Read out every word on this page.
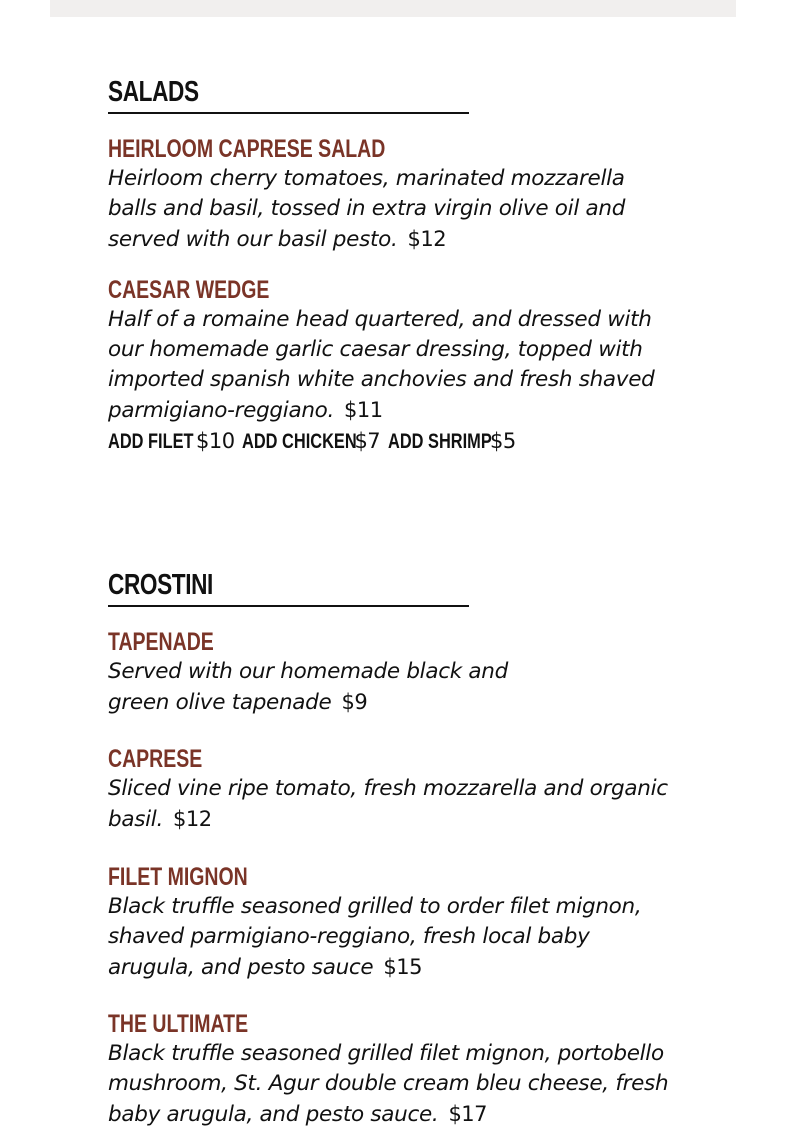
SALADS
HEIRLOOM CAPRESE SALAD
Heirloom cherry tomatoes, marinated mozzarella
balls and basil, tossed in extra virgin olive oil and
served with our basil pesto. $12
CAESAR WEDGE
Half of a romaine head quartered, and dressed with
our homemade garlic caesar dressing, topped with
imported spanish white anchovies and fresh shaved
parmigiano-reggiano. $11
ADD FILET $10 ADD CHICKEN$7 ADD SHRIMP$5
CROSTINI
TAPENADE
Served with our homemade black and
green olive tapenade $9
CAPRESE
Sliced vine ripe tomato, fresh mozzarella and organic
basil. $12
FILET MIGNON
Black truffle seasoned grilled to order filet mignon,
shaved parmigiano-reggiano, fresh local baby
arugula, and pesto sauce $15
THE ULTIMATE
Black truffle seasoned grilled filet mignon, portobello
mushroom, St. Agur double cream bleu cheese, fresh
baby arugula, and pesto sauce. $17
